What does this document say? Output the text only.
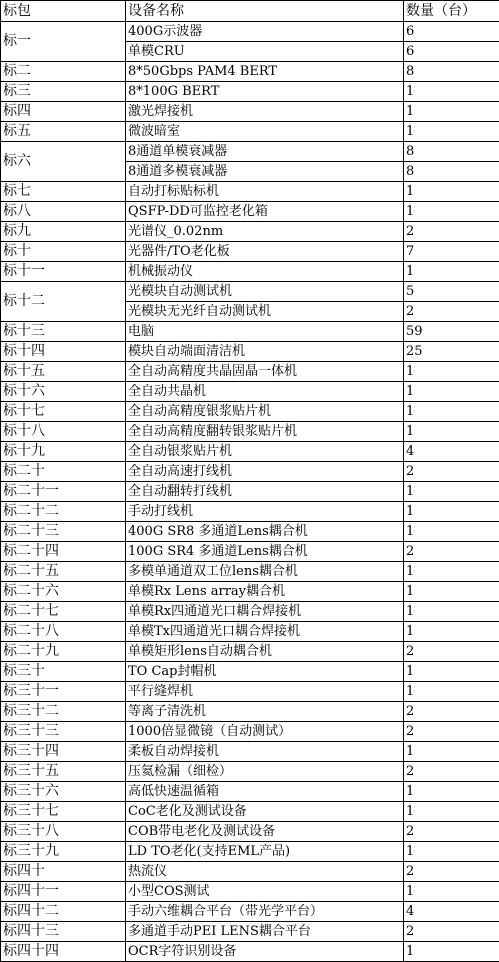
标包	设备名称	数量（台）
标一	400G示波器	6
	单模CRU	6
标二	8*50Gbps PAM4 BERT	8
标三	8*100G BERT	1
标四	激光焊接机	1
标五	微波暗室	1
标六	8通道单模衰减器	8
	8通道多模衰减器	8
标七	自动打标贴标机	1
标八	QSFP-DD可监控老化箱	1
标九	光谱仪_0.02nm	2
标十	光器件/TO老化板	7
标十一	机械振动仪	1
标十二	光模块自动测试机	5
	光模块无光纤自动测试机	2
标十三	电脑	59
标十四	模块自动端面清洁机	25
标十五	全自动高精度共晶固晶一体机	1
标十六	全自动共晶机	1
标十七	全自动高精度银浆贴片机	1
标十八	全自动高精度翻转银浆贴片机	1
标十九	全自动银浆贴片机	4
标二十	全自动高速打线机	2
标二十一	全自动翻转打线机	1
标二十二	手动打线机	1
标二十三	400G SR8 多通道Lens耦合机	1
标二十四	100G SR4 多通道Lens耦合机	2
标二十五	多模单通道双工位lens耦合机	1
标二十六	单模Rx Lens array耦合机	1
标二十七	单模Rx四通道光口耦合焊接机	1
标二十八	单模Tx四通道光口耦合焊接机	1
标二十九	单模矩形lens自动耦合机	2
标三十	TO Cap封帽机	1
标三十一	平行缝焊机	1
标三十二	等离子清洗机	2
标三十三	1000倍显微镜（自动测试）	2
标三十四	柔板自动焊接机	1
标三十五	压氦检漏（细检）	2
标三十六	高低快速温循箱	1
标三十七	CoC老化及测试设备	1
标三十八	COB带电老化及测试设备	2
标三十九	LD TO老化(支持EML产品)	1
标四十	热流仪	2
标四十一	小型COS测试	1
标四十二	手动六维耦合平台（带光学平台）	4
标四十三	多通道手动PEI LENS耦合平台	2
标四十四	OCR字符识别设备	1
